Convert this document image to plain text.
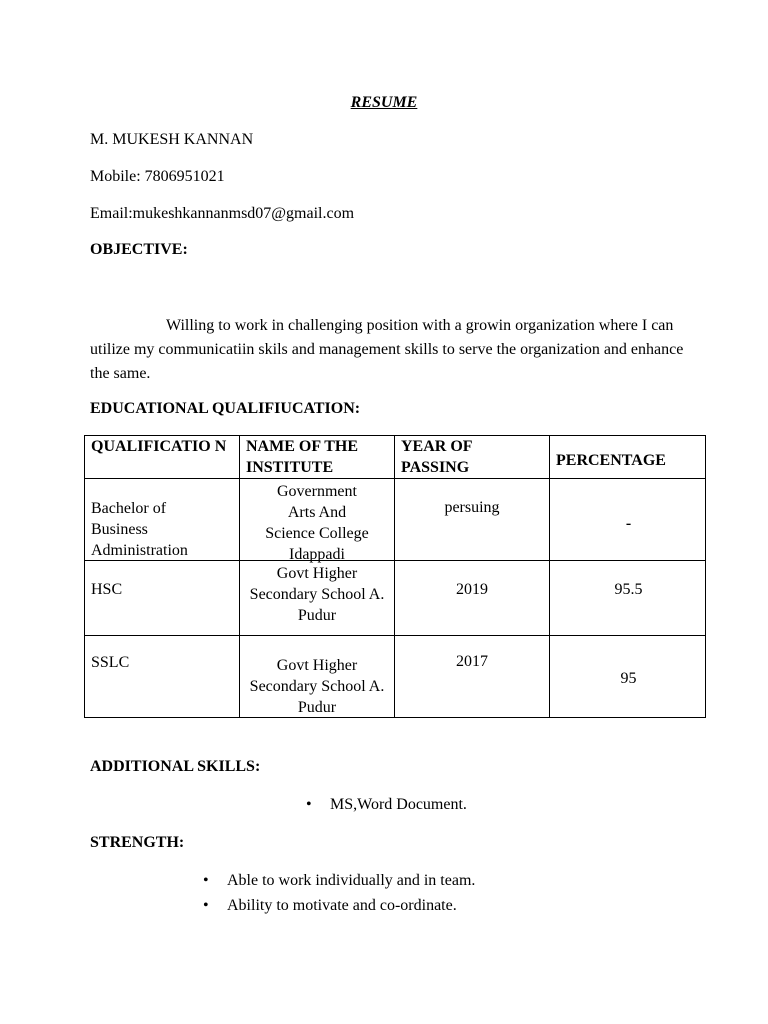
RESUME
M. MUKESH KANNAN
Mobile: 7806951021
Email:mukeshkannanmsd07@gmail.com
OBJECTIVE:
Willing to work in challenging position with a growin organization where I can utilize my communicatiin skils and management skills to serve the organization and enhance the same.
EDUCATIONAL QUALIFIUCATION:
QUALIFICATIO N	NAME OF THE INSTITUTE	YEAR OF PASSING	PERCENTAGE

Bachelor of Business Administration	Government Arts And Science College Idappadi	persuing	-

HSC	Govt Higher Secondary School A. Pudur	2019	95.5

SSLC	Govt Higher Secondary School A. Pudur	2017	95
ADDITIONAL SKILLS:
• MS,Word Document.
STRENGTH:
• Able to work individually and in team.
• Ability to motivate and co-ordinate.
